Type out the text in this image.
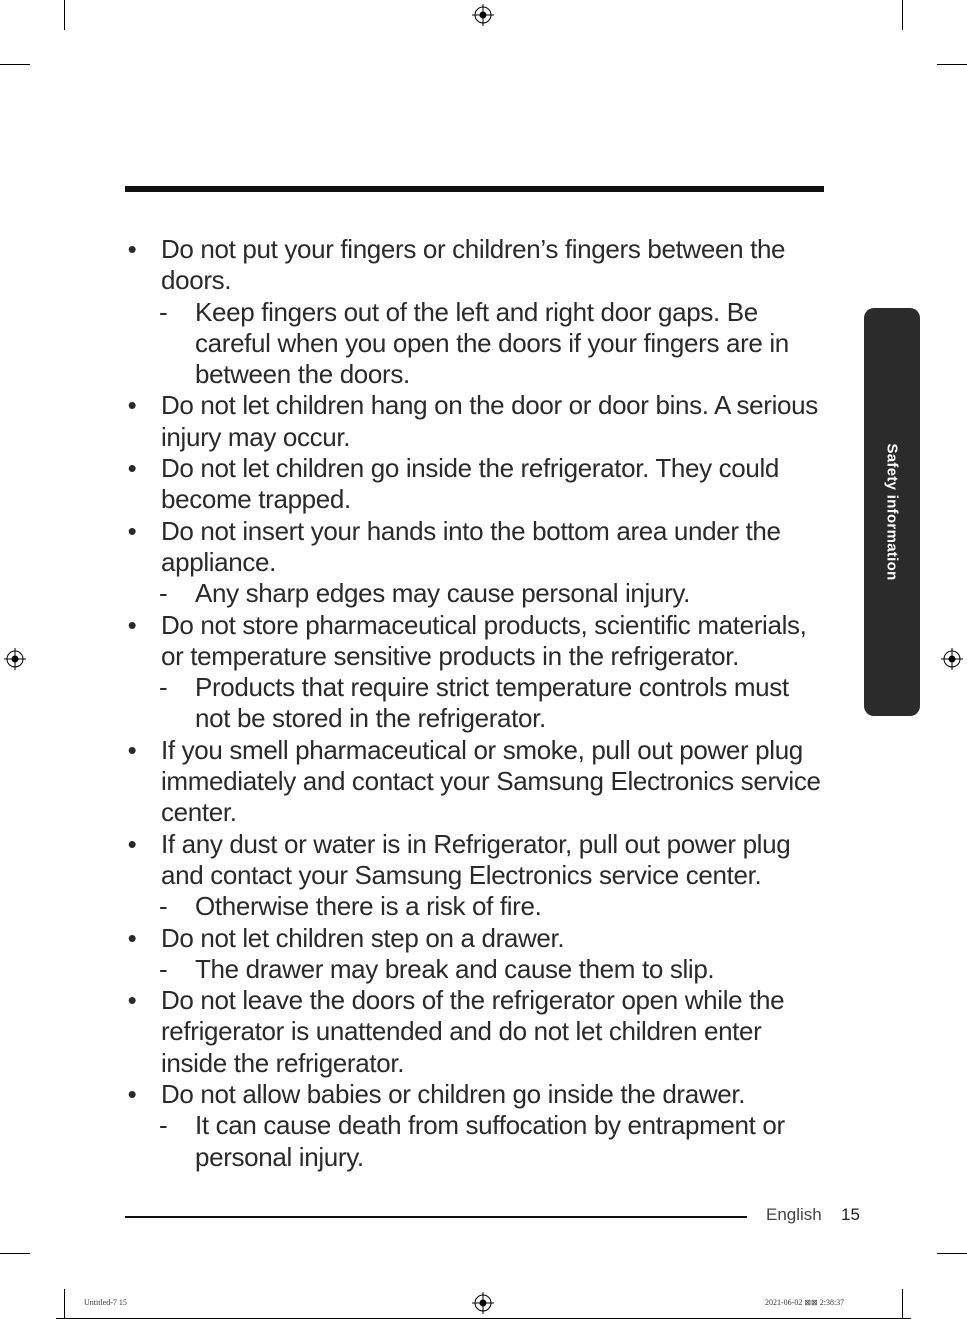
• Do not put your fingers or children’s fingers between the doors.
- Keep fingers out of the left and right door gaps. Be careful when you open the doors if your fingers are in between the doors.
• Do not let children hang on the door or door bins. A serious injury may occur.
• Do not let children go inside the refrigerator. They could become trapped.
• Do not insert your hands into the bottom area under the appliance.
- Any sharp edges may cause personal injury.
• Do not store pharmaceutical products, scientific materials, or temperature sensitive products in the refrigerator.
- Products that require strict temperature controls must not be stored in the refrigerator.
• If you smell pharmaceutical or smoke, pull out power plug immediately and contact your Samsung Electronics service center.
• If any dust or water is in Refrigerator, pull out power plug and contact your Samsung Electronics service center.
- Otherwise there is a risk of fire.
• Do not let children step on a drawer.
- The drawer may break and cause them to slip.
• Do not leave the doors of the refrigerator open while the refrigerator is unattended and do not let children enter inside the refrigerator.
• Do not allow babies or children go inside the drawer.
- It can cause death from suffocation by entrapment or personal injury.
Safety information
English 15
Untitled-7 15	2021-06-02 ⊠⊠ 2:38:37
